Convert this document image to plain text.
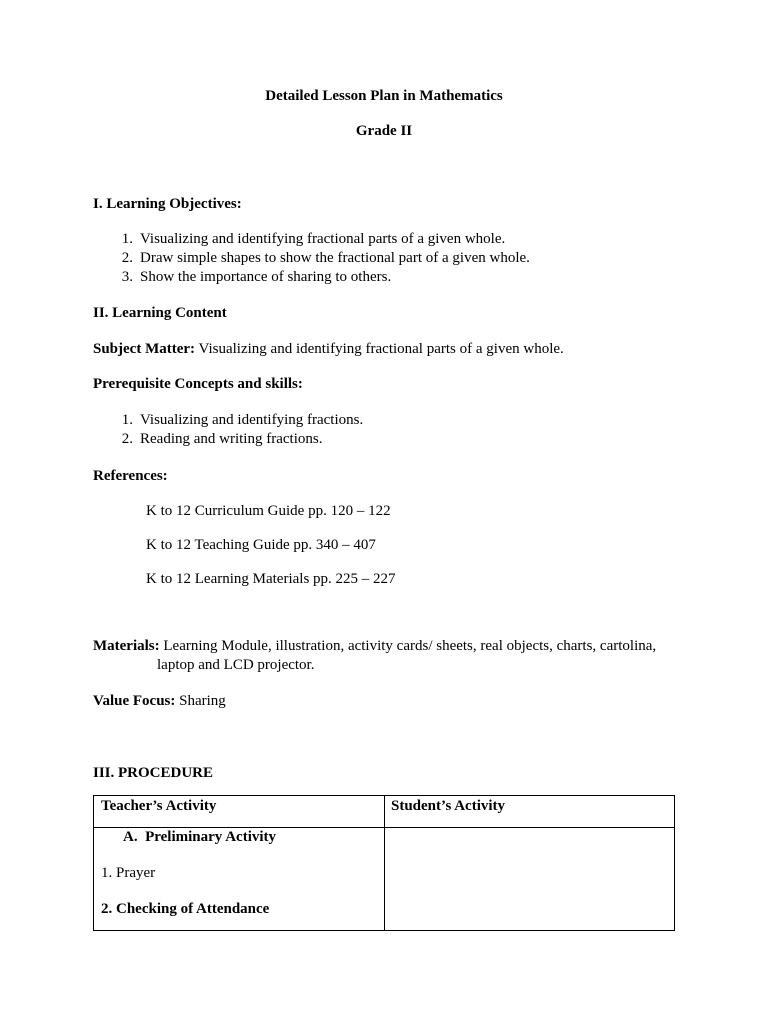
Detailed Lesson Plan in Mathematics
Grade II
I. Learning Objectives:
1. Visualizing and identifying fractional parts of a given whole.
2. Draw simple shapes to show the fractional part of a given whole.
3. Show the importance of sharing to others.
II. Learning Content
Subject Matter: Visualizing and identifying fractional parts of a given whole.
Prerequisite Concepts and skills:
1. Visualizing and identifying fractions.
2. Reading and writing fractions.
References:
K to 12 Curriculum Guide pp. 120 – 122
K to 12 Teaching Guide pp. 340 – 407
K to 12 Learning Materials pp. 225 – 227
Materials: Learning Module, illustration, activity cards/ sheets, real objects, charts, cartolina,
laptop and LCD projector.
Value Focus: Sharing
III. PROCEDURE
Teacher’s Activity	Student’s Activity

A.  Preliminary Activity
1. Prayer
2. Checking of Attendance	
